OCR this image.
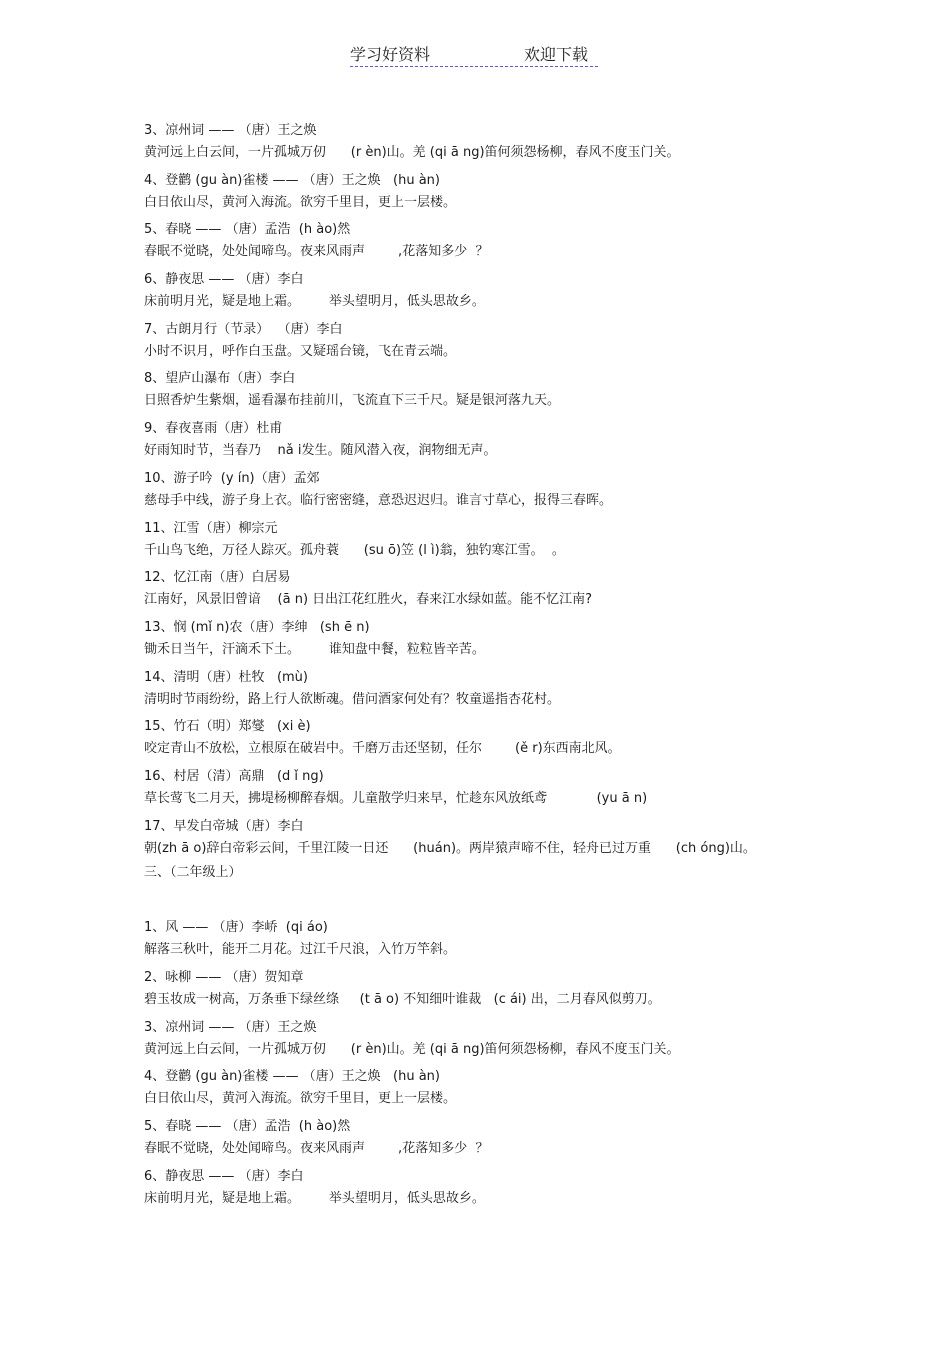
学习好资料	欢迎下载

3、凉州词 —— （唐）王之焕

黄河远上白云间，一片孤城万仞      (r èn)山。羌 (qi ā ng)笛何须怨杨柳，春风不度玉门关。

4、登鹳 (gu àn)雀楼 —— （唐）王之焕   (hu àn)

白日依山尽，黄河入海流。欲穷千里目，更上一层楼。

5、春晓 —— （唐）孟浩  (h ào)然

春眠不觉晓，处处闻啼鸟。夜来风雨声        ,花落知多少  ？

6、静夜思 —— （唐）李白

床前明月光，疑是地上霜。       举头望明月，低头思故乡。

7、古朗月行（节录）  （唐）李白

小时不识月，呼作白玉盘。又疑瑶台镜，飞在青云端。

8、望庐山瀑布（唐）李白

日照香炉生紫烟，遥看瀑布挂前川，飞流直下三千尺。疑是银河落九天。

9、春夜喜雨（唐）杜甫

好雨知时节，当春乃    nǎ i发生。随风潜入夜，润物细无声。

10、游子吟  (y ín)（唐）孟郊

慈母手中线，游子身上衣。临行密密缝，意恐迟迟归。谁言寸草心，报得三春晖。

11、江雪（唐）柳宗元

千山鸟飞绝，万径人踪灭。孤舟蓑      (su ō)笠 (l ì)翁，独钓寒江雪。  。

12、忆江南（唐）白居易

江南好，风景旧曾谙    (ā n) 日出江花红胜火，春来江水绿如蓝。能不忆江南?

13、悯 (mǐ n)农（唐）李绅   (sh ē n)

锄禾日当午，汗滴禾下土。       谁知盘中餐，粒粒皆辛苦。

14、清明（唐）杜牧   (mù)

清明时节雨纷纷，路上行人欲断魂。借问酒家何处有？牧童遥指杏花村。

15、竹石（明）郑燮   (xi è)

咬定青山不放松，立根原在破岩中。千磨万击还坚韧，任尔        (ě r)东西南北风。

16、村居（清）高鼎   (d ǐ ng)

草长莺飞二月天，拂堤杨柳醉春烟。儿童散学归来早，忙趁东风放纸鸢            (yu ā n)

17、早发白帝城（唐）李白

朝(zh ā o)辞白帝彩云间，千里江陵一日还      (huán)。两岸猿声啼不住，轻舟已过万重      (ch óng)山。

三、（二年级上）

1、风 —— （唐）李峤  (qi áo)

解落三秋叶，能开二月花。过江千尺浪，入竹万竿斜。

2、咏柳 —— （唐）贺知章

碧玉妆成一树高，万条垂下绿丝绦     (t ā o) 不知细叶谁裁   (c ái) 出，二月春风似剪刀。

3、凉州词 —— （唐）王之焕

黄河远上白云间，一片孤城万仞      (r èn)山。羌 (qi ā ng)笛何须怨杨柳，春风不度玉门关。

4、登鹳 (gu àn)雀楼 —— （唐）王之焕   (hu àn)

白日依山尽，黄河入海流。欲穷千里目，更上一层楼。

5、春晓 —— （唐）孟浩  (h ào)然

春眠不觉晓，处处闻啼鸟。夜来风雨声        ,花落知多少  ？

6、静夜思 —— （唐）李白

床前明月光，疑是地上霜。       举头望明月，低头思故乡。
